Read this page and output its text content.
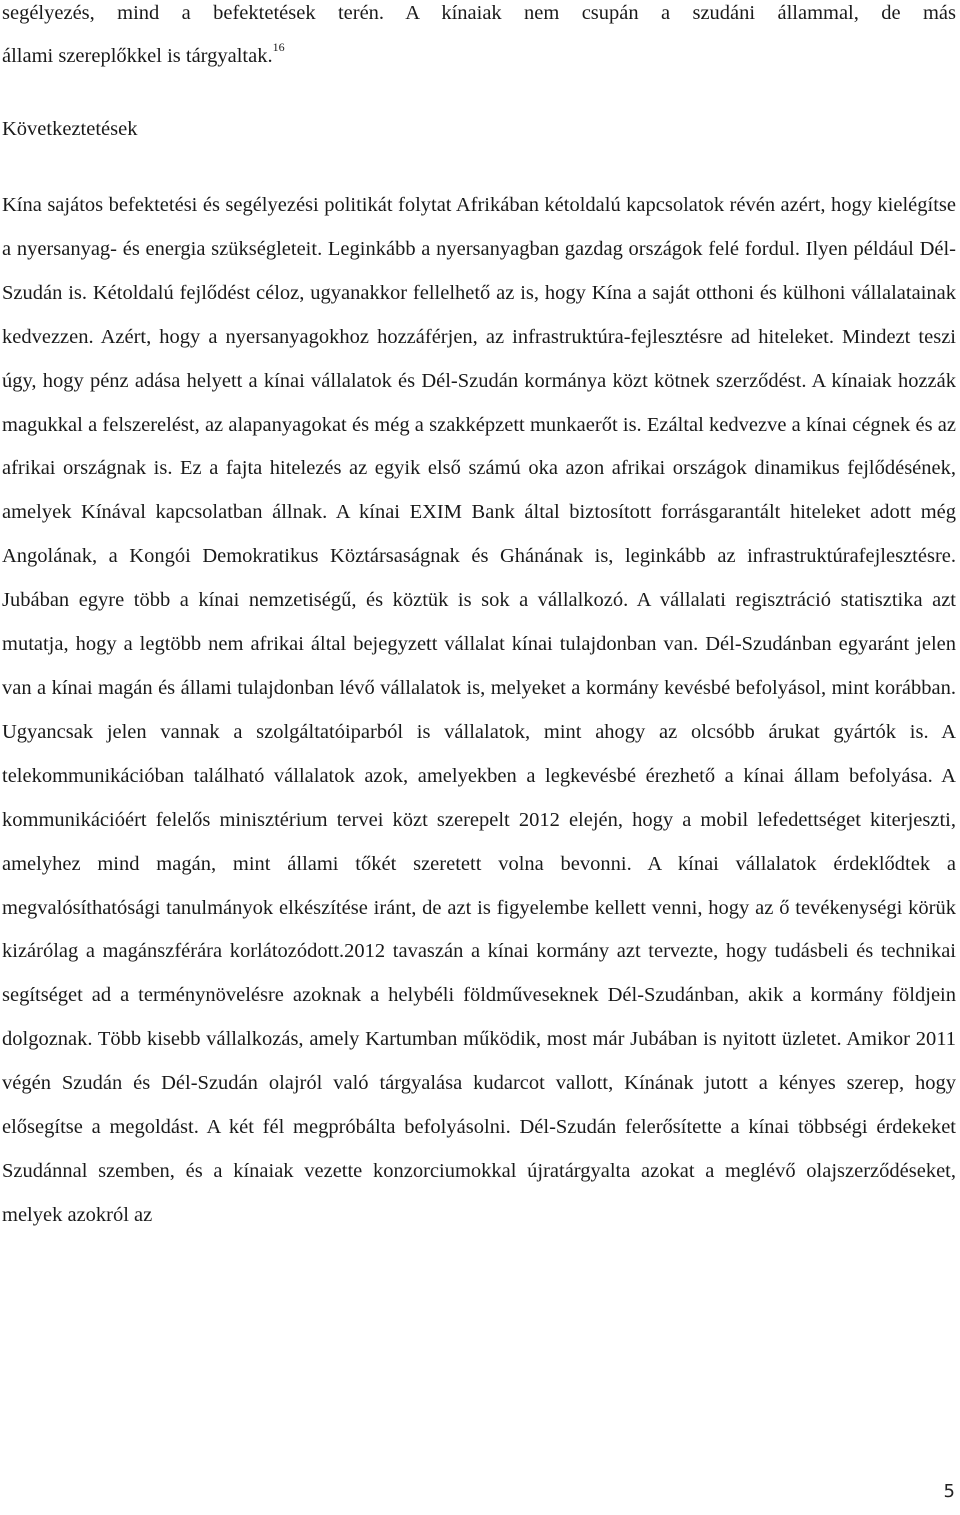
segélyezés, mind a befektetések terén. A kínaiak nem csupán a szudáni állammal, de más
állami szereplőkkel is tárgyaltak.$^{16}$
Következtetések

Kína sajátos befektetési és segélyezési politikát folytat Afrikában kétoldalú kapcsolatok révén azért, hogy kielégítse a nyersanyag- és energia szükségleteit. Leginkább a nyersanyagban gazdag országok felé fordul. Ilyen például Dél-Szudán is. Kétoldalú fejlődést céloz, ugyanakkor fellelhető az is, hogy Kína a saját otthoni és külhoni vállalatainak kedvezzen. Azért, hogy a nyersanyagokhoz hozzáférjen, az infrastruktúra-fejlesztésre ad hiteleket. Mindezt teszi úgy, hogy pénz adása helyett a kínai vállalatok és Dél-Szudán kormánya közt kötnek szerződést. A kínaiak hozzák magukkal a felszerelést, az alapanyagokat és még a szakképzett munkaerőt is. Ezáltal kedvezve a kínai cégnek és az afrikai országnak is. Ez a fajta hitelezés az egyik első számú oka azon afrikai országok dinamikus fejlődésének, amelyek Kínával kapcsolatban állnak. A kínai EXIM Bank által biztosított forrásgarantált hiteleket adott még Angolának, a Kongói Demokratikus Köztársaságnak és Ghánának is, leginkább az infrastruktúrafejlesztésre. Jubában egyre több a kínai nemzetiségű, és köztük is sok a vállalkozó. A vállalati regisztráció statisztika azt mutatja, hogy a legtöbb nem afrikai által bejegyzett vállalat kínai tulajdonban van. Dél-Szudánban egyaránt jelen van a kínai magán és állami tulajdonban lévő vállalatok is, melyeket a kormány kevésbé befolyásol, mint korábban. Ugyancsak jelen vannak a szolgáltatóiparból is vállalatok, mint ahogy az olcsóbb árukat gyártók is. A telekommunikációban található vállalatok azok, amelyekben a legkevésbé érezhető a kínai állam befolyása. A kommunikációért felelős minisztérium tervei közt szerepelt 2012 elején, hogy a mobil lefedettséget kiterjeszti, amelyhez mind magán, mint állami tőkét szeretett volna bevonni. A kínai vállalatok érdeklődtek a megvalósíthatósági tanulmányok elkészítése iránt, de azt is figyelembe kellett venni, hogy az ő tevékenységi körük kizárólag a magánszférára korlátozódott.2012 tavaszán a kínai kormány azt tervezte, hogy tudásbeli és technikai segítséget ad a terménynövelésre azoknak a helybéli földműveseknek Dél-Szudánban, akik a kormány földjein dolgoznak. Több kisebb vállalkozás, amely Kartumban működik, most már Jubában is nyitott üzletet. Amikor 2011 végén Szudán és Dél-Szudán olajról való tárgyalása kudarcot vallott, Kínának jutott a kényes szerep, hogy elősegítse a megoldást. A két fél megpróbálta befolyásolni. Dél-Szudán felerősítette a kínai többségi érdekeket Szudánnal szemben, és a kínaiak vezette konzorciumokkal újratárgyalta azokat a meglévő olajszerződéseket, melyek azokról az

5
